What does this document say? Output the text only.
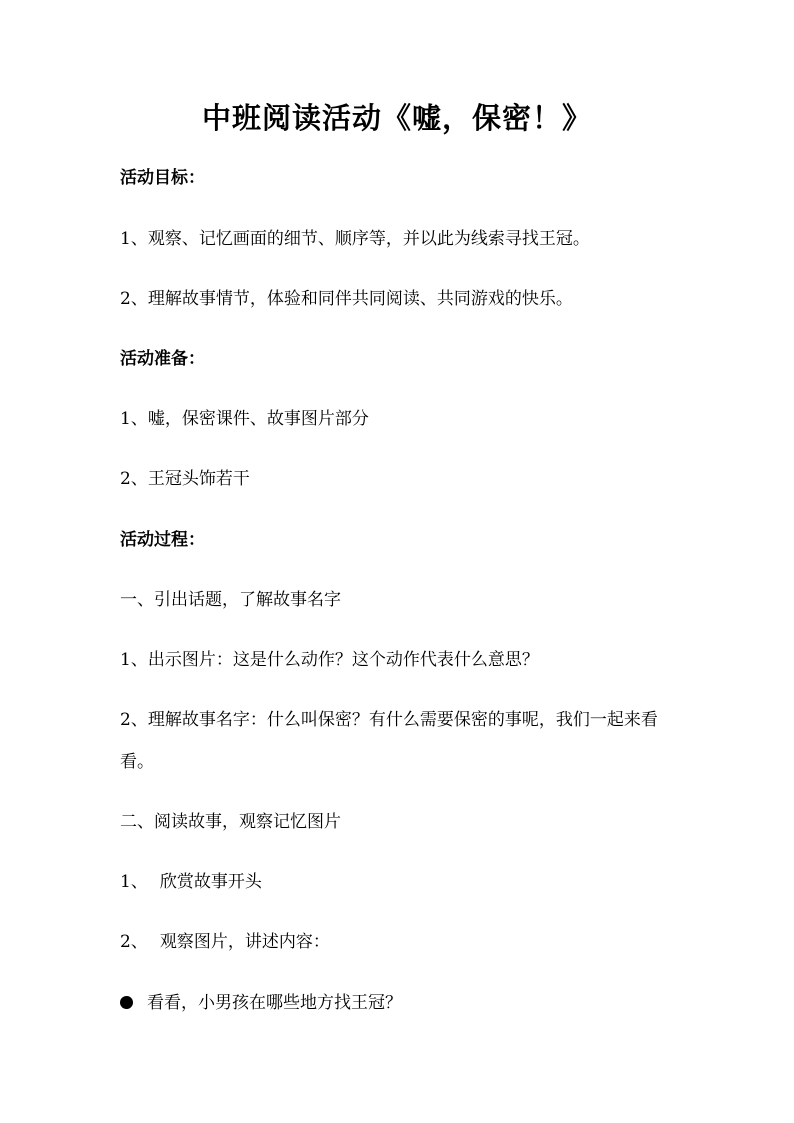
中班阅读活动《嘘，保密！》
活动目标：
1、观察、记忆画面的细节、顺序等，并以此为线索寻找王冠。
2、理解故事情节，体验和同伴共同阅读、共同游戏的快乐。
活动准备：
1、嘘，保密课件、故事图片部分
2、王冠头饰若干
活动过程：
一、引出话题，了解故事名字
1、出示图片：这是什么动作？这个动作代表什么意思？
2、理解故事名字：什么叫保密？有什么需要保密的事呢，我们一起来看看。
二、阅读故事，观察记忆图片
1、 欣赏故事开头
2、 观察图片，讲述内容：
看看，小男孩在哪些地方找王冠？
